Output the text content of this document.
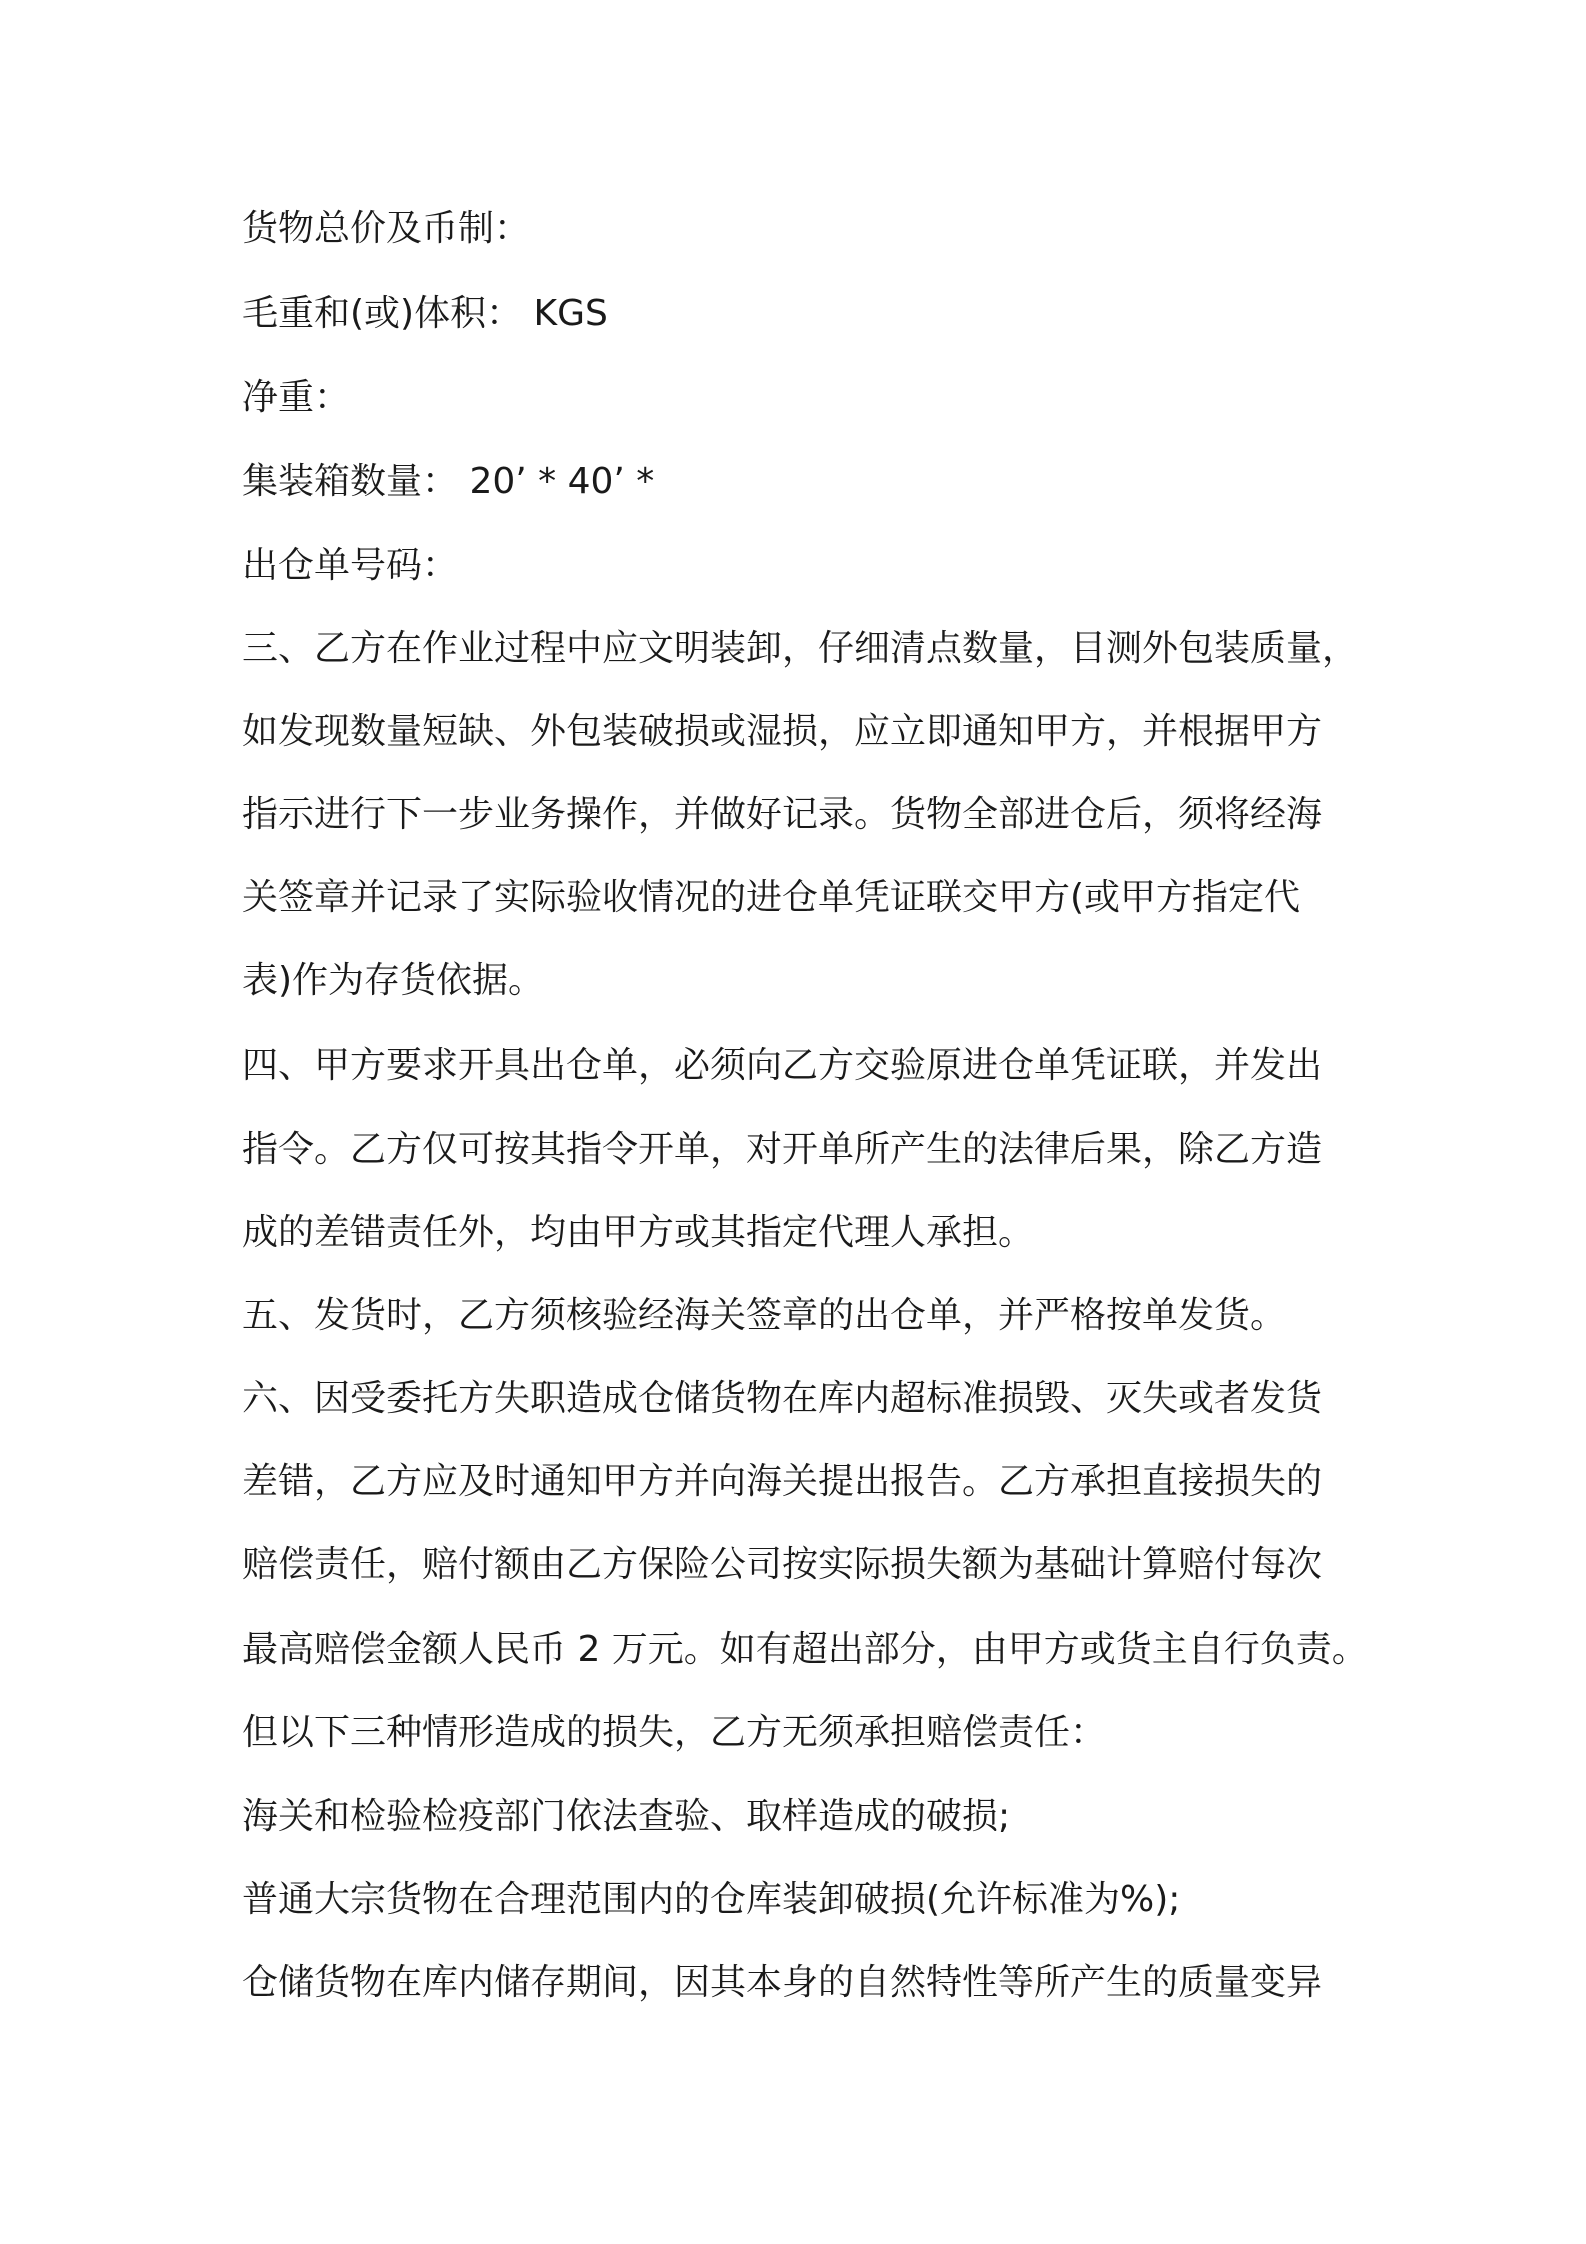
货物总价及币制：
毛重和(或)体积： KGS
净重：
集装箱数量： 20’ * 40’ *
出仓单号码：
三、乙方在作业过程中应文明装卸，仔细清点数量，目测外包装质量，
如发现数量短缺、外包装破损或湿损，应立即通知甲方，并根据甲方
指示进行下一步业务操作，并做好记录。货物全部进仓后，须将经海
关签章并记录了实际验收情况的进仓单凭证联交甲方(或甲方指定代
表)作为存货依据。
四、甲方要求开具出仓单，必须向乙方交验原进仓单凭证联，并发出
指令。乙方仅可按其指令开单，对开单所产生的法律后果，除乙方造
成的差错责任外，均由甲方或其指定代理人承担。
五、发货时，乙方须核验经海关签章的出仓单，并严格按单发货。
六、因受委托方失职造成仓储货物在库内超标准损毁、灭失或者发货
差错，乙方应及时通知甲方并向海关提出报告。乙方承担直接损失的
赔偿责任，赔付额由乙方保险公司按实际损失额为基础计算赔付每次
最高赔偿金额人民币 2 万元。如有超出部分，由甲方或货主自行负责。
但以下三种情形造成的损失，乙方无须承担赔偿责任：
海关和检验检疫部门依法查验、取样造成的破损;
普通大宗货物在合理范围内的仓库装卸破损(允许标准为%);
仓储货物在库内储存期间，因其本身的自然特性等所产生的质量变异
